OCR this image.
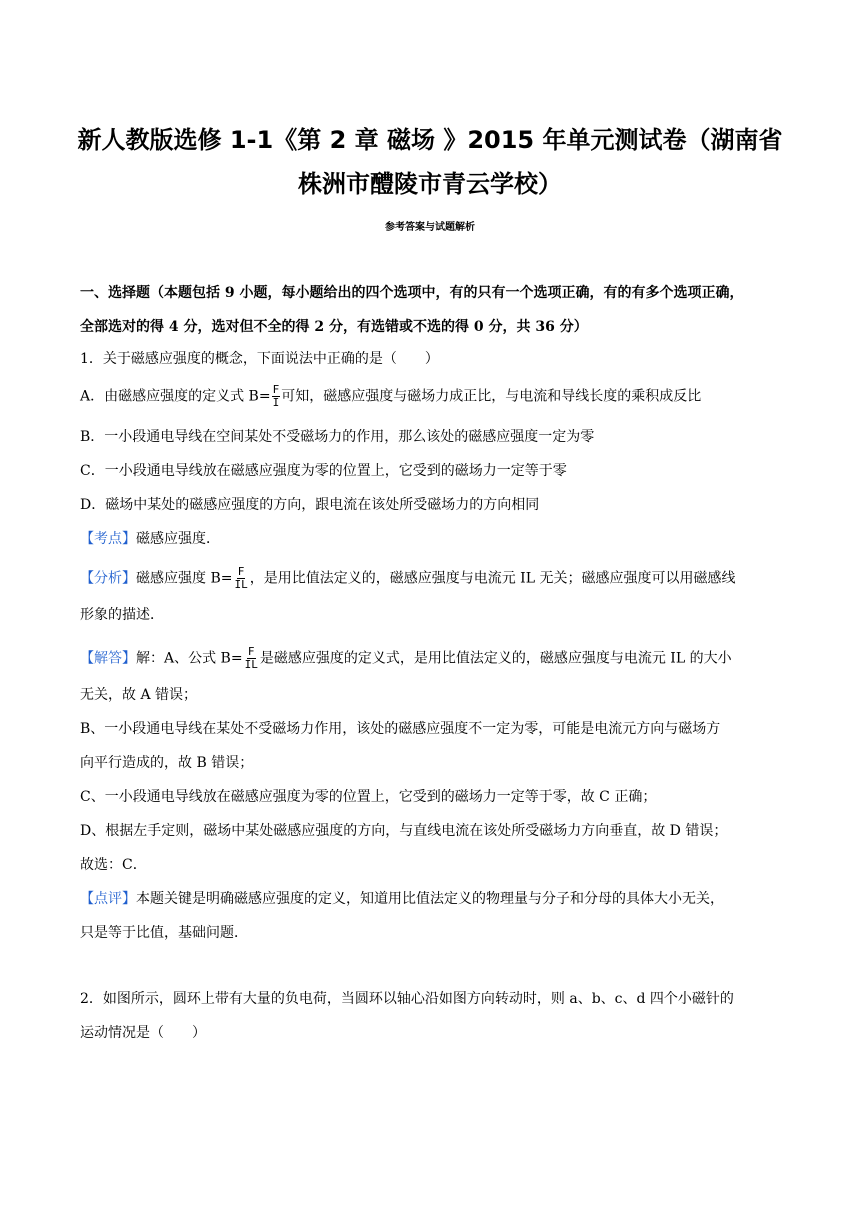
新人教版选修 1-1《第 2 章 磁场 》2015 年单元测试卷（湖南省
株洲市醴陵市青云学校）
参考答案与试题解析
一、选择题（本题包括 9 小题，每小题给出的四个选项中，有的只有一个选项正确，有的有多个选项正确，
全部选对的得 4 分，选对但不全的得 2 分，有选错或不选的得 0 分，共 36 分）
1．关于磁感应强度的概念，下面说法中正确的是（　　）
A．由磁感应强度的定义式 $B= \frac{F}{I}$ 可知，磁感应强度与磁场力成正比，与电流和导线长度的乘积成反比
B．一小段通电导线在空间某处不受磁场力的作用，那么该处的磁感应强度一定为零
C．一小段通电导线放在磁感应强度为零的位置上，它受到的磁场力一定等于零
D．磁场中某处的磁感应强度的方向，跟电流在该处所受磁场力的方向相同
【考点】磁感应强度．
【分析】磁感应强度 $B= \frac{F}{IL}$ ，是用比值法定义的，磁感应强度与电流元 IL 无关；磁感应强度可以用磁感线
形象的描述．
【解答】解：A、公式 $B= \frac{F}{IL}$ 是磁感应强度的定义式，是用比值法定义的，磁感应强度与电流元 IL 的大小
无关，故 A 错误；
B、一小段通电导线在某处不受磁场力作用，该处的磁感应强度不一定为零，可能是电流元方向与磁场方
向平行造成的，故 B 错误；
C、一小段通电导线放在磁感应强度为零的位置上，它受到的磁场力一定等于零，故 C 正确；
D、根据左手定则，磁场中某处磁感应强度的方向，与直线电流在该处所受磁场力方向垂直，故 D 错误；
故选：C．
【点评】本题关键是明确磁感应强度的定义，知道用比值法定义的物理量与分子和分母的具体大小无关，
只是等于比值，基础问题．
2．如图所示，圆环上带有大量的负电荷，当圆环以轴心沿如图方向转动时，则 a、b、c、d 四个小磁针的
运动情况是（　　）
